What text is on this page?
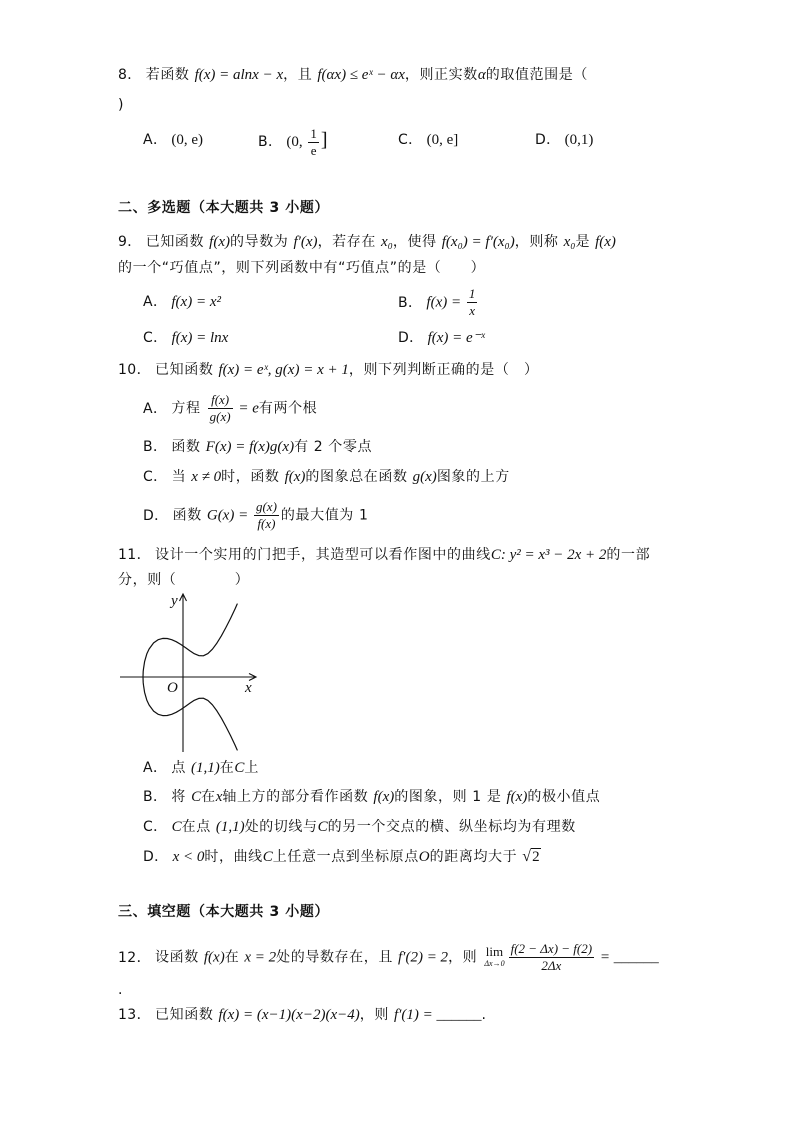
8． 若函数 f(x) = alnx − x，且 f(αx) ≤ eˣ − αx，则正实数α的取值范围是（
)
A． (0, e)	B． (0, $\frac{1}{e}$ ]	C． (0, e]	D． (0,1)
二、多选题（本大题共 3 小题）
9． 已知函数 f(x)的导数为 f′(x)，若存在 x₀，使得 f(x₀) = f′(x₀)，则称 x₀是 f(x)
的一个“巧值点”，则下列函数中有“巧值点”的是（　　）
A． f(x) = x²	B． $f(x) = \frac{1}{x}$
C． f(x) = lnx	D． f(x) = e⁻ˣ
10． 已知函数 f(x) = eˣ, g(x) = x + 1，则下列判断正确的是（　）
A． 方程 $\frac{f(x)}{g(x)} = e$有两个根
B． 函数 F(x) = f(x)g(x)有 2 个零点
C． 当 x ≠ 0时，函数 f(x)的图象总在函数 g(x)图象的上方
D． 函数 $G(x) = \frac{g(x)}{f(x)}$ 的最大值为 1
11． 设计一个实用的门把手，其造型可以看作图中的曲线C: y² = x³ − 2x + 2的一部
分，则（　　　　）
y
x
O
A． 点 (1,1)在C上
B． 将 C在x轴上方的部分看作函数 f(x)的图象，则 1 是 f(x)的极小值点
C． C在点 (1,1)处的切线与C的另一个交点的横、纵坐标均为有理数
D． x < 0时，曲线C上任意一点到坐标原点O的距离均大于 √2
三、填空题（本大题共 3 小题）
12． 设函数 f(x)在 x = 2处的导数存在，且 f′(2) = 2，则 lim
$\Delta x\to 0 \frac{f(2 - \Delta x) - f(2)}{2\Delta x}$ = ______
.
13． 已知函数 f(x) = (x−1)(x−2)(x−4)，则 f′(1) = ______.
